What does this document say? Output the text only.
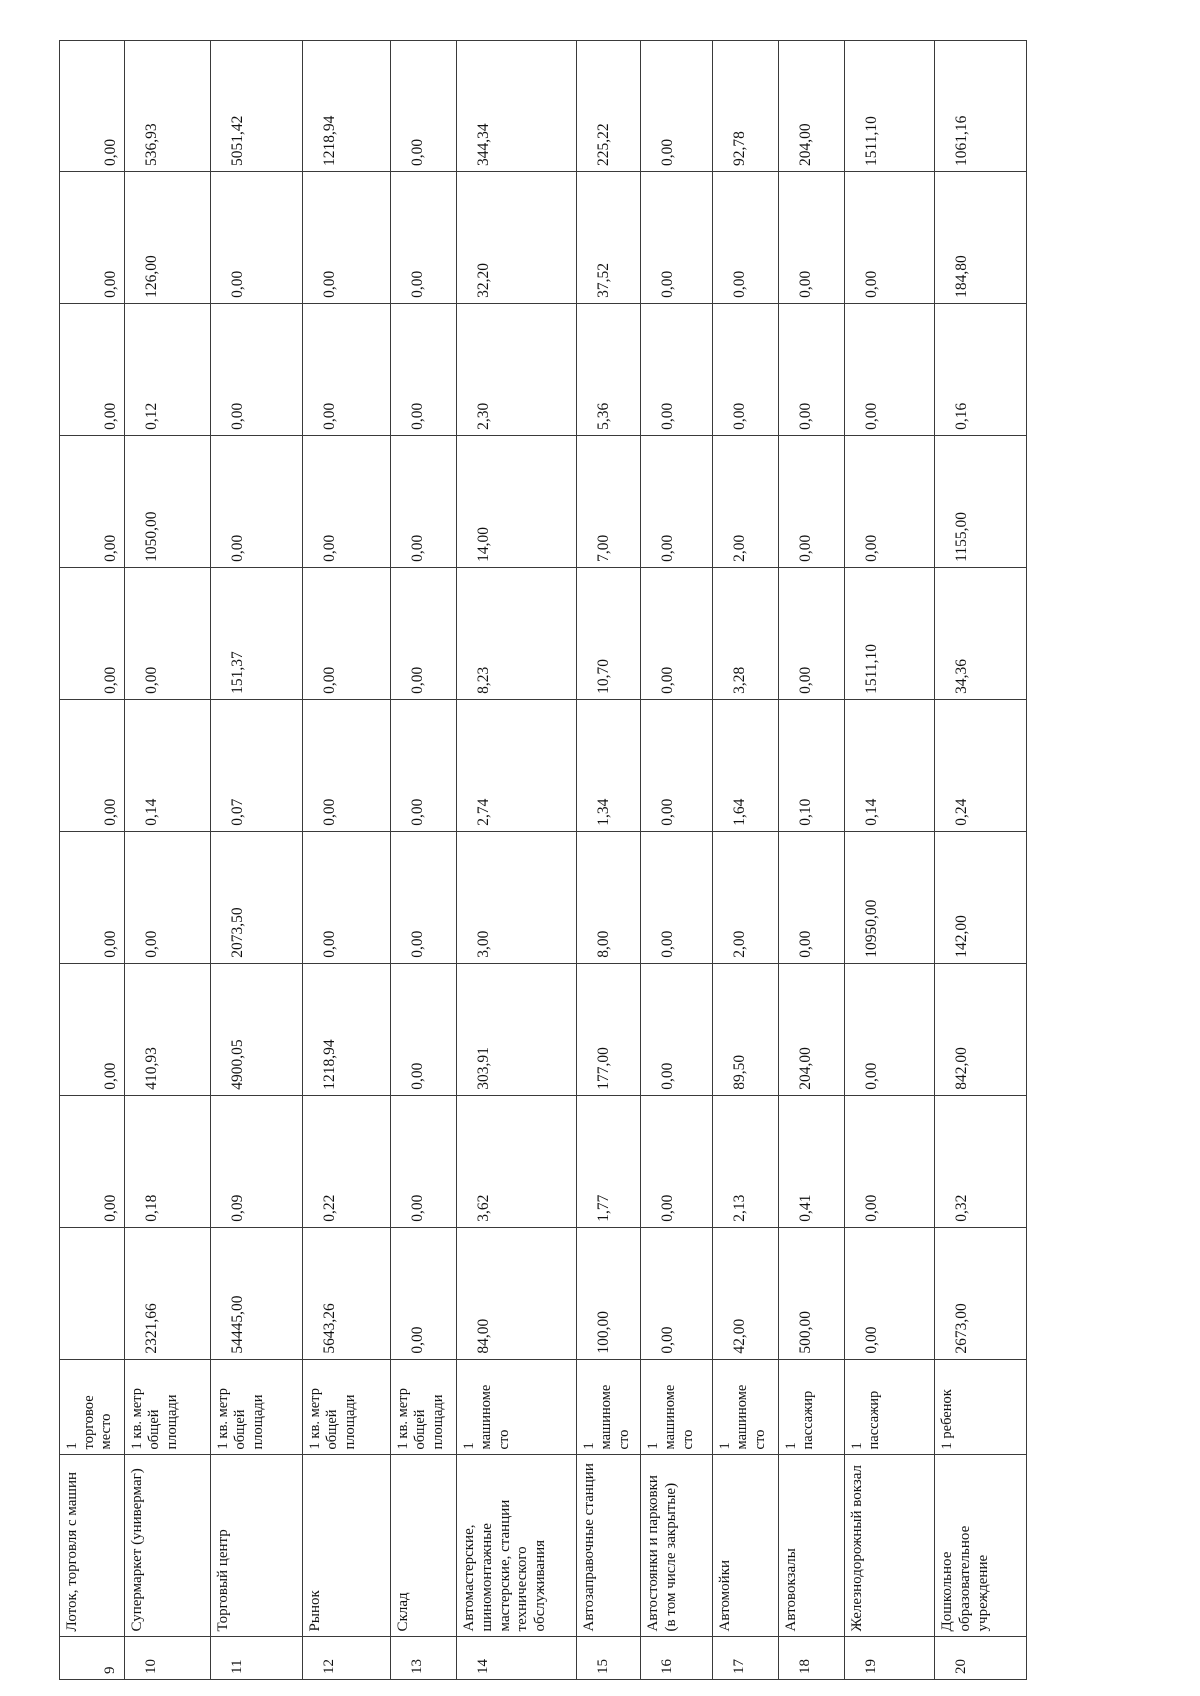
9	Лоток, торговля с машин	1 торговое место		0,00	0,00	0,00	0,00	0,00	0,00	0,00	0,00	0,00
10	Супермаркет (универмаг)	1 кв. метр общей площади	2321,66	0,18	410,93	0,00	0,14	0,00	1050,00	0,12	126,00	536,93
11	Торговый центр	1 кв. метр общей площади	54445,00	0,09	4900,05	2073,50	0,07	151,37	0,00	0,00	0,00	5051,42
12	Рынок	1 кв. метр общей площади	5643,26	0,22	1218,94	0,00	0,00	0,00	0,00	0,00	0,00	1218,94
13	Склад	1 кв. метр общей площади	0,00	0,00	0,00	0,00	0,00	0,00	0,00	0,00	0,00	0,00
14	Автомастерские, шиномонтажные мастерские, станции технического обслуживания	1 машиноме сто	84,00	3,62	303,91	3,00	2,74	8,23	14,00	2,30	32,20	344,34
15	Автозаправочные станции	1 машиноме сто	100,00	1,77	177,00	8,00	1,34	10,70	7,00	5,36	37,52	225,22
16	Автостоянки и парковки (в том числе закрытые)	1 машиноме сто	0,00	0,00	0,00	0,00	0,00	0,00	0,00	0,00	0,00	0,00
17	Автомойки	1 машиноме сто	42,00	2,13	89,50	2,00	1,64	3,28	2,00	0,00	0,00	92,78
18	Автовокзалы	1 пассажир	500,00	0,41	204,00	0,00	0,10	0,00	0,00	0,00	0,00	204,00
19	Железнодорожный вокзал	1 пассажир	0,00	0,00	0,00	10950,00	0,14	1511,10	0,00	0,00	0,00	1511,10
20	Дошкольное образовательное учреждение	1 ребенок	2673,00	0,32	842,00	142,00	0,24	34,36	1155,00	0,16	184,80	1061,16
